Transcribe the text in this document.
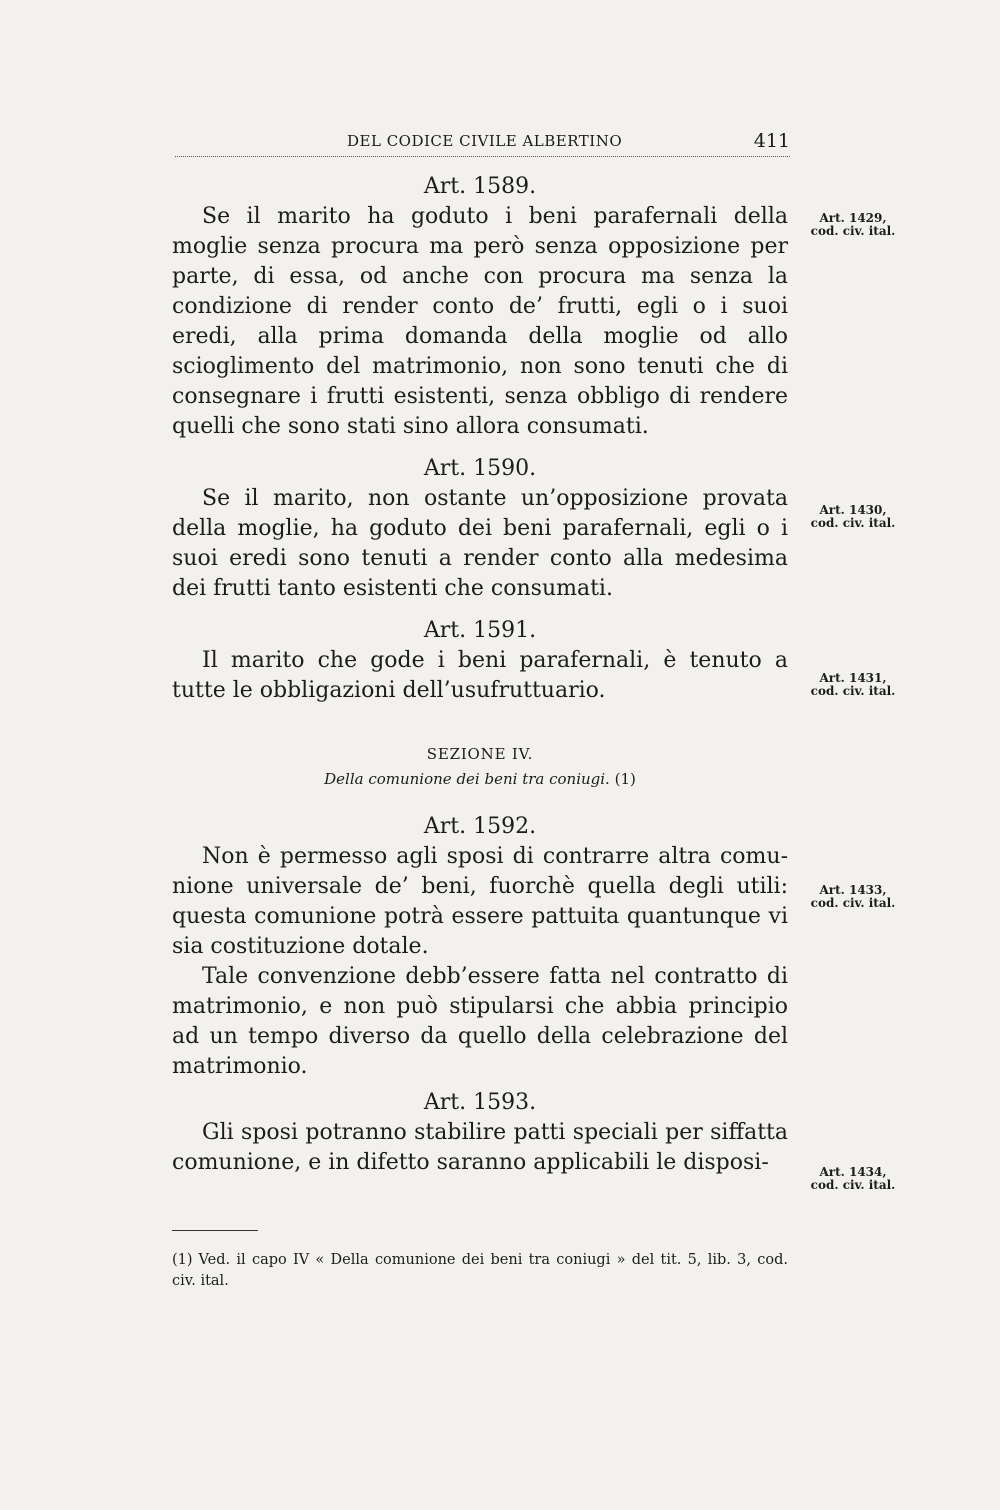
DEL CODICE CIVILE ALBERTINO	411
Art. 1589.

Se il marito ha goduto i beni parafernali della moglie senza procura ma però senza opposizione per parte, di essa, od anche con procura ma senza la condizione di render conto de’ frutti, egli o i suoi eredi, alla prima domanda della moglie od allo scioglimento del matrimonio, non sono tenuti che di consegnare i frutti esistenti, senza obbligo di rendere quelli che sono stati sino allora consumati.

Art. 1590.

Se il marito, non ostante un’opposizione provata della moglie, ha goduto dei beni parafernali, egli o i suoi eredi sono tenuti a render conto alla medesima dei frutti tanto esistenti che consumati.

Art. 1591.

Il marito che gode i beni parafernali, è tenuto a tutte le obbligazioni dell’usufruttuario.

SEZIONE IV.
Della comunione dei beni tra coniugi. (1)
Art. 1592.

Non è permesso agli sposi di contrarre altra comunione universale de’ beni, fuorchè quella degli utili: questa comunione potrà essere pattuita quantunque vi sia costituzione dotale.

Tale convenzione debb’essere fatta nel contratto di matrimonio, e non può stipularsi che abbia principio ad un tempo diverso da quello della celebrazione del matrimonio.

Art. 1593.

Gli sposi potranno stabilire patti speciali per siffatta comunione, e in difetto saranno applicabili le disposi-

Art. 1429, cod. civ. ital.
Art. 1430, cod. civ. ital.
Art. 1431, cod. civ. ital.
Art. 1433, cod. civ. ital.
Art. 1434, cod. civ. ital.
(1) Ved. il capo IV « Della comunione dei beni tra coniugi » del tit. 5, lib. 3, cod. civ. ital.
